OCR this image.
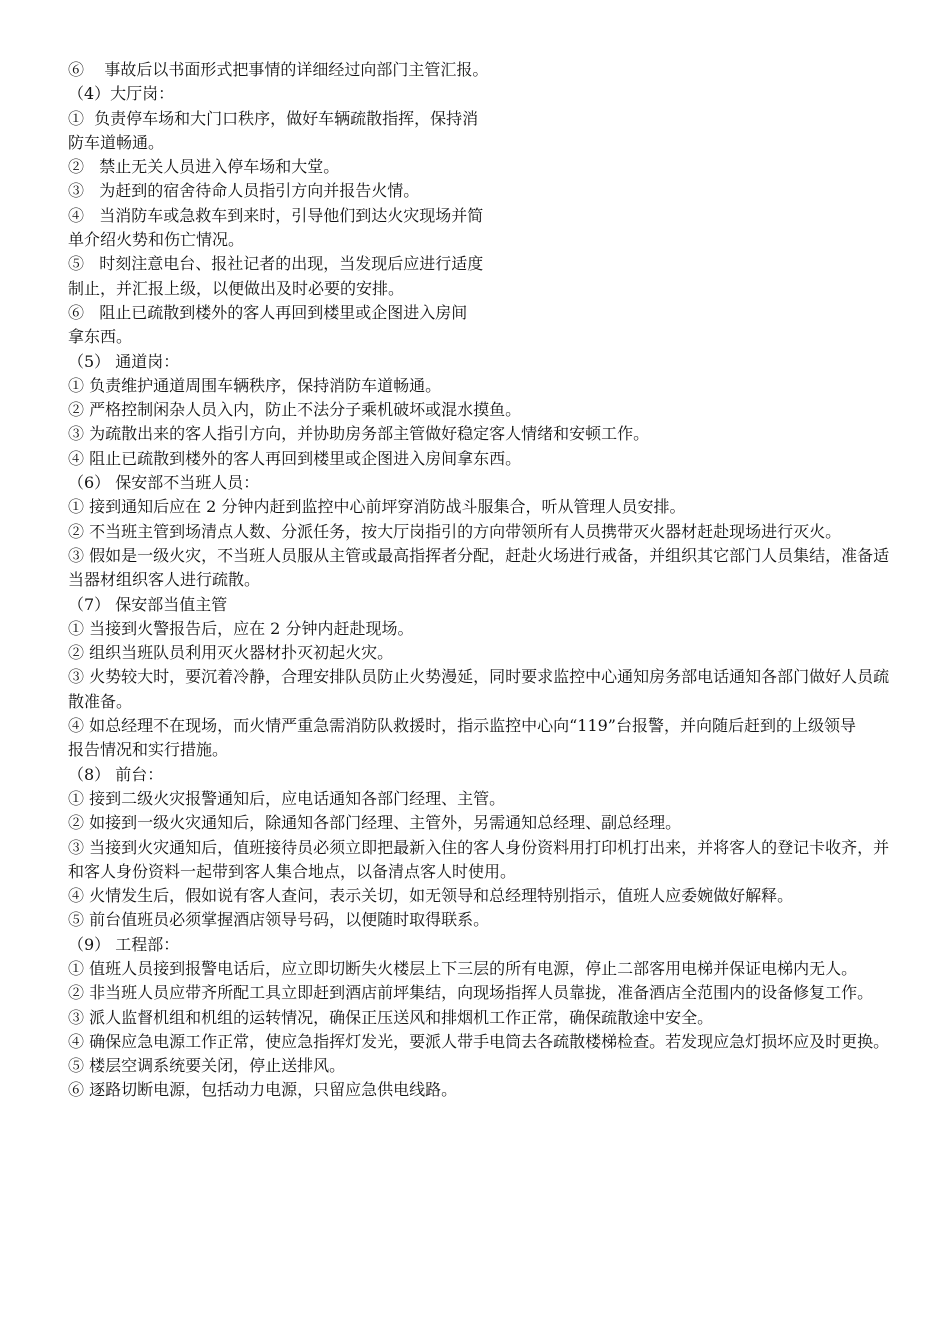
⑥    事故后以书面形式把事情的详细经过向部门主管汇报。
（4）大厅岗：
①  负责停车场和大门口秩序，做好车辆疏散指挥，保持消
防车道畅通。
②   禁止无关人员进入停车场和大堂。
③   为赶到的宿舍待命人员指引方向并报告火情。
④   当消防车或急救车到来时，引导他们到达火灾现场并简
单介绍火势和伤亡情况。
⑤   时刻注意电台、报社记者的出现，当发现后应进行适度
制止，并汇报上级，以便做出及时必要的安排。
⑥   阻止已疏散到楼外的客人再回到楼里或企图进入房间
拿东西。
（5） 通道岗：
① 负责维护通道周围车辆秩序，保持消防车道畅通。
② 严格控制闲杂人员入内，防止不法分子乘机破坏或混水摸鱼。
③ 为疏散出来的客人指引方向，并协助房务部主管做好稳定客人情绪和安顿工作。
④ 阻止已疏散到楼外的客人再回到楼里或企图进入房间拿东西。
（6） 保安部不当班人员：
① 接到通知后应在 2 分钟内赶到监控中心前坪穿消防战斗服集合，听从管理人员安排。
② 不当班主管到场清点人数、分派任务，按大厅岗指引的方向带领所有人员携带灭火器材赶赴现场进行灭火。
③ 假如是一级火灾，不当班人员服从主管或最高指挥者分配，赶赴火场进行戒备，并组织其它部门人员集结，准备适当器材组织客人进行疏散。
（7） 保安部当值主管
① 当接到火警报告后，应在 2 分钟内赶赴现场。
② 组织当班队员利用灭火器材扑灭初起火灾。
③ 火势较大时，要沉着冷静，合理安排队员防止火势漫延，同时要求监控中心通知房务部电话通知各部门做好人员疏散准备。
④ 如总经理不在现场，而火情严重急需消防队救援时，指示监控中心向“119”台报警，并向随后赶到的上级领导
报告情况和实行措施。
（8） 前台：
① 接到二级火灾报警通知后，应电话通知各部门经理、主管。
② 如接到一级火灾通知后，除通知各部门经理、主管外，另需通知总经理、副总经理。
③ 当接到火灾通知后，值班接待员必须立即把最新入住的客人身份资料用打印机打出来，并将客人的登记卡收齐，并和客人身份资料一起带到客人集合地点，以备清点客人时使用。
④ 火情发生后，假如说有客人查问，表示关切，如无领导和总经理特别指示，值班人应委婉做好解释。
⑤ 前台值班员必须掌握酒店领导号码，以便随时取得联系。
（9） 工程部：
① 值班人员接到报警电话后，应立即切断失火楼层上下三层的所有电源，停止二部客用电梯并保证电梯内无人。
② 非当班人员应带齐所配工具立即赶到酒店前坪集结，向现场指挥人员靠拢，准备酒店全范围内的设备修复工作。
③ 派人监督机组和机组的运转情况，确保正压送风和排烟机工作正常，确保疏散途中安全。
④ 确保应急电源工作正常，使应急指挥灯发光，要派人带手电筒去各疏散楼梯检查。若发现应急灯损坏应及时更换。
⑤ 楼层空调系统要关闭，停止送排风。
⑥ 逐路切断电源，包括动力电源，只留应急供电线路。
